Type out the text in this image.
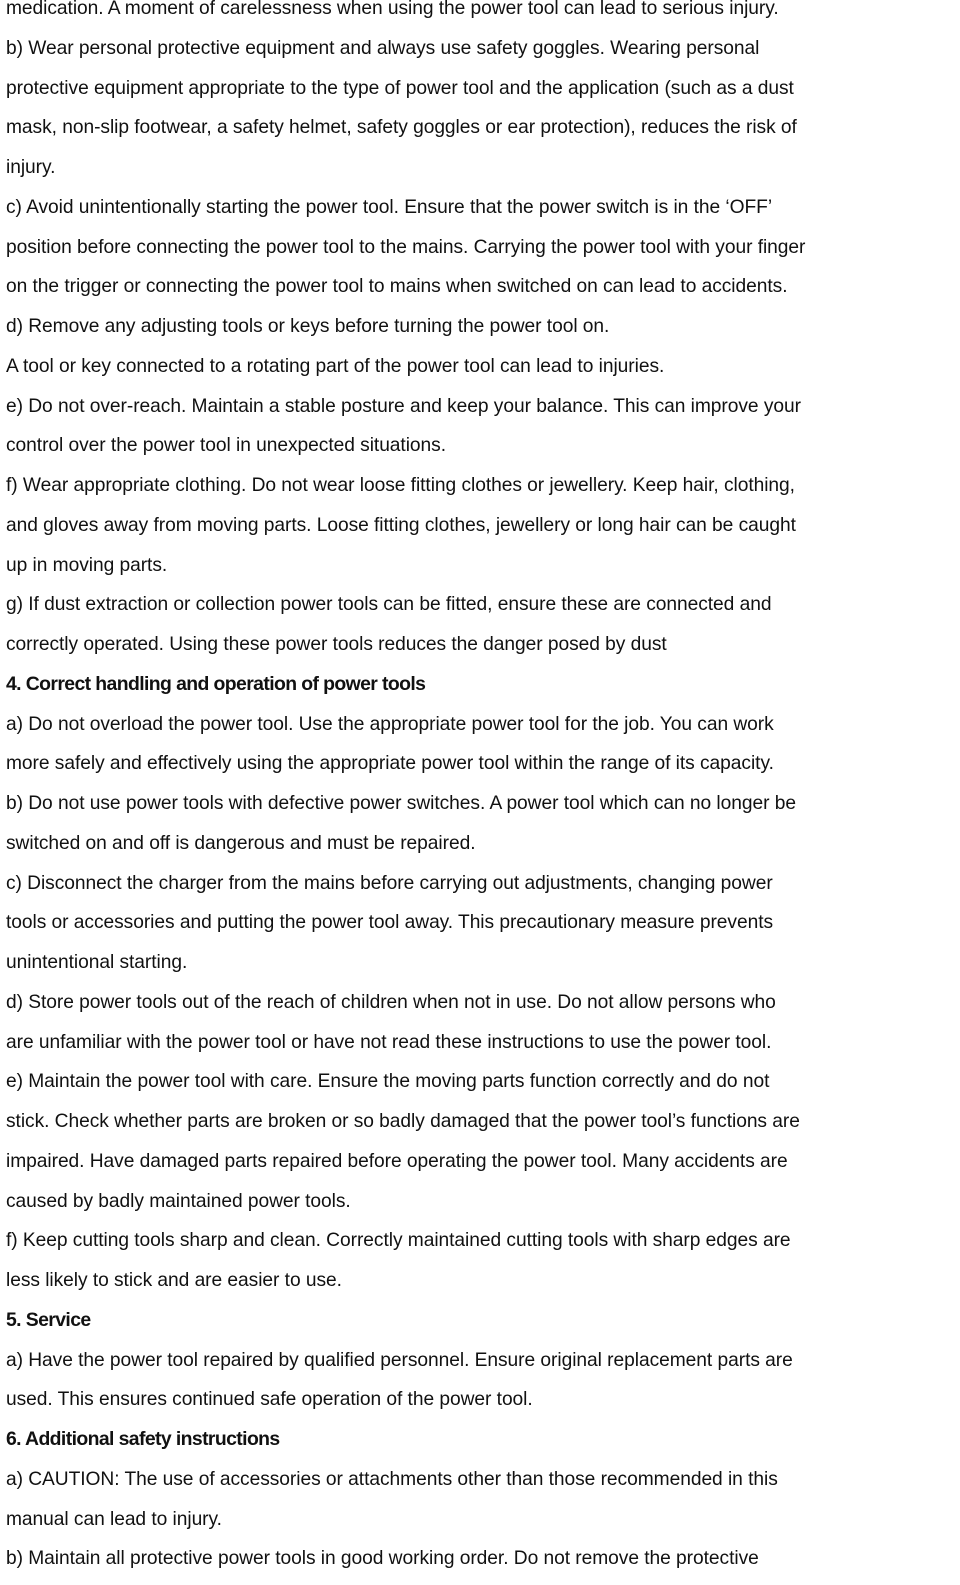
medication. A moment of carelessness when using the power tool can lead to serious injury.
b) Wear personal protective equipment and always use safety goggles. Wearing personal
protective equipment appropriate to the type of power tool and the application (such as a dust
mask, non-slip footwear, a safety helmet, safety goggles or ear protection), reduces the risk of
injury.
c) Avoid unintentionally starting the power tool. Ensure that the power switch is in the ‘OFF’
position before connecting the power tool to the mains. Carrying the power tool with your finger
on the trigger or connecting the power tool to mains when switched on can lead to accidents.
d) Remove any adjusting tools or keys before turning the power tool on.
A tool or key connected to a rotating part of the power tool can lead to injuries.
e) Do not over-reach. Maintain a stable posture and keep your balance. This can improve your
control over the power tool in unexpected situations.
f) Wear appropriate clothing. Do not wear loose fitting clothes or jewellery. Keep hair, clothing,
and gloves away from moving parts. Loose fitting clothes, jewellery or long hair can be caught
up in moving parts.
g) If dust extraction or collection power tools can be fitted, ensure these are connected and
correctly operated. Using these power tools reduces the danger posed by dust
4. Correct handling and operation of power tools
a) Do not overload the power tool. Use the appropriate power tool for the job. You can work
more safely and effectively using the appropriate power tool within the range of its capacity.
b) Do not use power tools with defective power switches. A power tool which can no longer be
switched on and off is dangerous and must be repaired.
c) Disconnect the charger from the mains before carrying out adjustments, changing power
tools or accessories and putting the power tool away. This precautionary measure prevents
unintentional starting.
d) Store power tools out of the reach of children when not in use. Do not allow persons who
are unfamiliar with the power tool or have not read these instructions to use the power tool.
e) Maintain the power tool with care. Ensure the moving parts function correctly and do not
stick. Check whether parts are broken or so badly damaged that the power tool’s functions are
impaired. Have damaged parts repaired before operating the power tool. Many accidents are
caused by badly maintained power tools.
f) Keep cutting tools sharp and clean. Correctly maintained cutting tools with sharp edges are
less likely to stick and are easier to use.
5. Service
a) Have the power tool repaired by qualified personnel. Ensure original replacement parts are
used. This ensures continued safe operation of the power tool.
6. Additional safety instructions
a) CAUTION: The use of accessories or attachments other than those recommended in this
manual can lead to injury.
b) Maintain all protective power tools in good working order. Do not remove the protective
